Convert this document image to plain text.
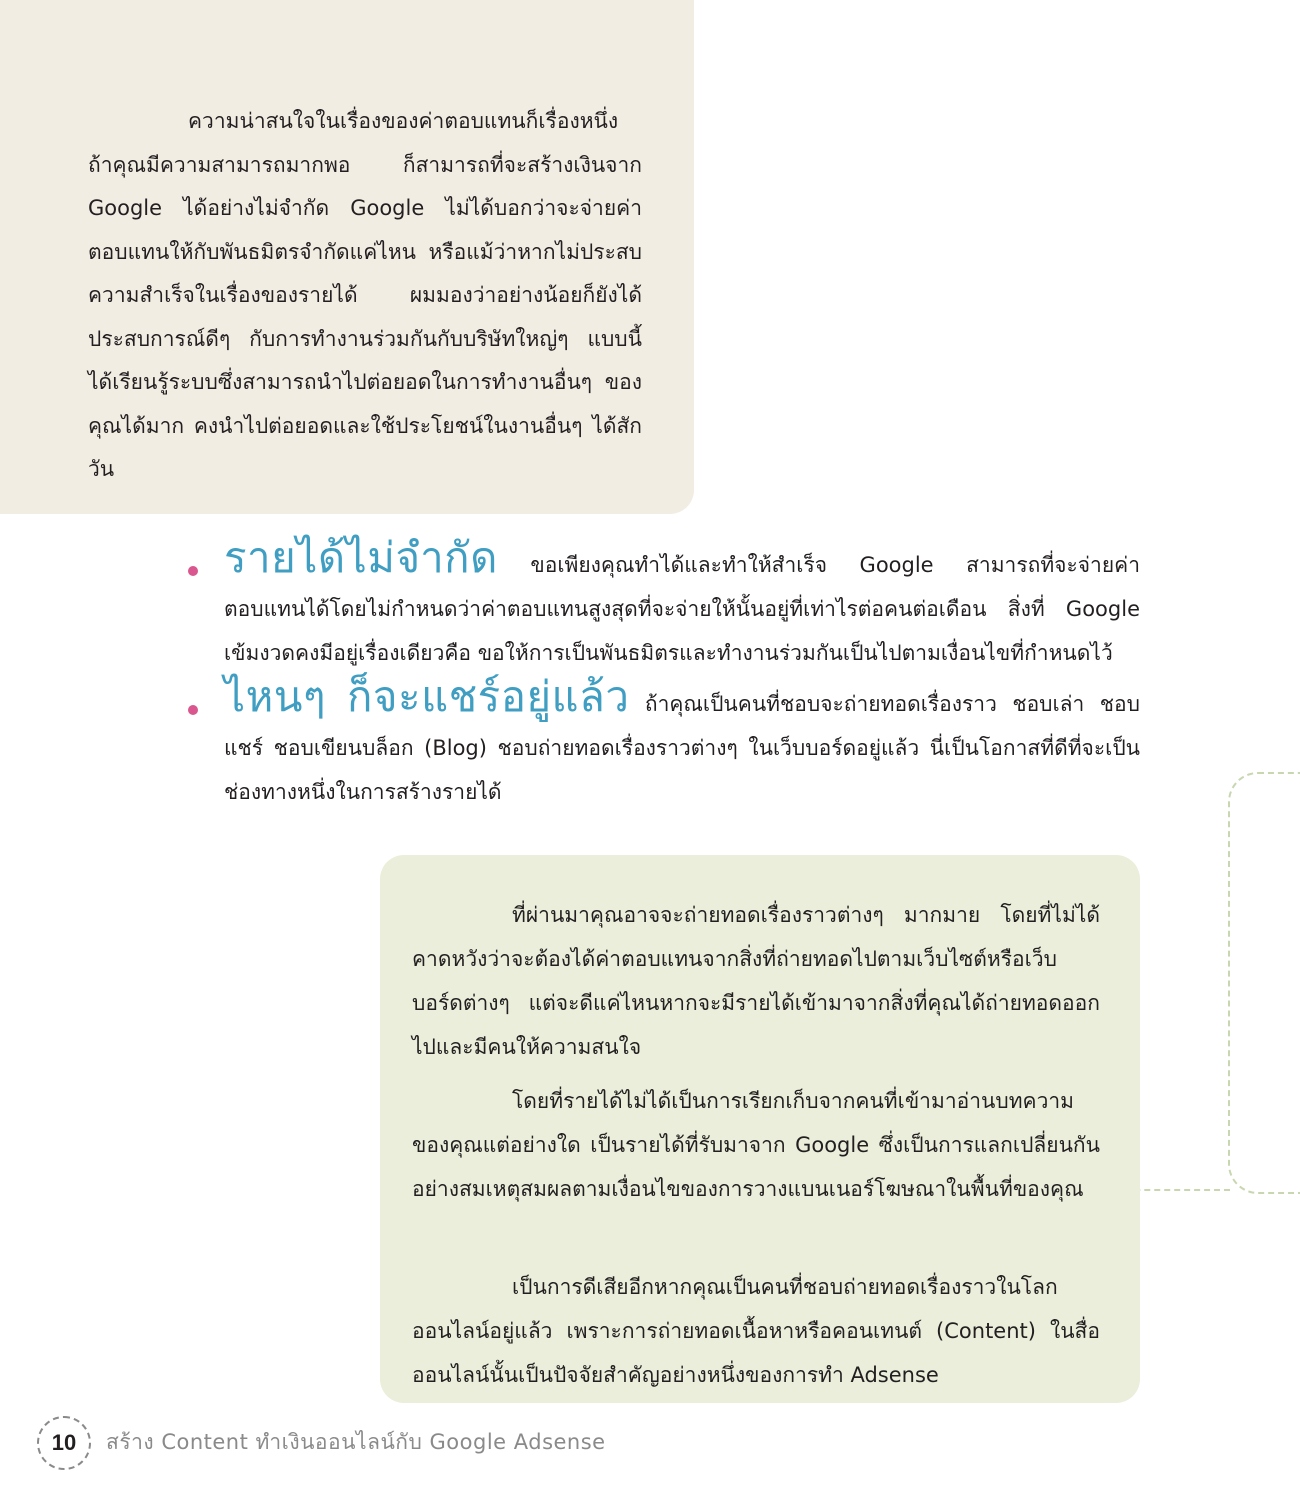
ความน่าสนใจในเรื่องของค่าตอบแทนก็เรื่องหนึ่ง ถ้าคุณมีความสามารถมากพอ ก็สามารถที่จะสร้างเงินจาก Google ได้อย่างไม่จำกัด Google ไม่ได้บอกว่าจะจ่ายค่าตอบแทนให้กับพันธมิตรจำกัดแค่ไหน หรือแม้ว่าหากไม่ประสบความสำเร็จในเรื่องของรายได้ ผมมองว่าอย่างน้อยก็ยังได้ประสบการณ์ดีๆ กับการทำงานร่วมกันกับบริษัทใหญ่ๆ แบบนี้ ได้เรียนรู้ระบบซึ่งสามารถนำไปต่อยอดในการทำงานอื่นๆ ของคุณได้มาก คงนำไปต่อยอดและใช้ประโยชน์ในงานอื่นๆ ได้สักวัน

รายได้ไม่จำกัด ขอเพียงคุณทำได้และทำให้สำเร็จ Google สามารถที่จะจ่ายค่าตอบแทนได้โดยไม่กำหนดว่าค่าตอบแทนสูงสุดที่จะจ่ายให้นั้นอยู่ที่เท่าไรต่อคนต่อเดือน สิ่งที่ Google เข้มงวดคงมีอยู่เรื่องเดียวคือ ขอให้การเป็นพันธมิตรและทำงานร่วมกันเป็นไปตามเงื่อนไขที่กำหนดไว้

ไหนๆ ก็จะแชร์อยู่แล้ว ถ้าคุณเป็นคนที่ชอบจะถ่ายทอดเรื่องราว ชอบเล่า ชอบแชร์ ชอบเขียนบล็อก (Blog) ชอบถ่ายทอดเรื่องราวต่างๆ ในเว็บบอร์ดอยู่แล้ว นี่เป็นโอกาสที่ดีที่จะเป็นช่องทางหนึ่งในการสร้างรายได้

ที่ผ่านมาคุณอาจจะถ่ายทอดเรื่องราวต่างๆ มากมาย โดยที่ไม่ได้คาดหวังว่าจะต้องได้ค่าตอบแทนจากสิ่งที่ถ่ายทอดไปตามเว็บไซต์หรือเว็บบอร์ดต่างๆ แต่จะดีแค่ไหนหากจะมีรายได้เข้ามาจากสิ่งที่คุณได้ถ่ายทอดออกไปและมีคนให้ความสนใจ

โดยที่รายได้ไม่ได้เป็นการเรียกเก็บจากคนที่เข้ามาอ่านบทความของคุณแต่อย่างใด เป็นรายได้ที่รับมาจาก Google ซึ่งเป็นการแลกเปลี่ยนกันอย่างสมเหตุสมผลตามเงื่อนไขของการวางแบนเนอร์โฆษณาในพื้นที่ของคุณ

เป็นการดีเสียอีกหากคุณเป็นคนที่ชอบถ่ายทอดเรื่องราวในโลกออนไลน์อยู่แล้ว เพราะการถ่ายทอดเนื้อหาหรือคอนเทนต์ (Content) ในสื่อออนไลน์นั้นเป็นปัจจัยสำคัญอย่างหนึ่งของการทำ Adsense

10	สร้าง Content ทำเงินออนไลน์กับ Google Adsense
